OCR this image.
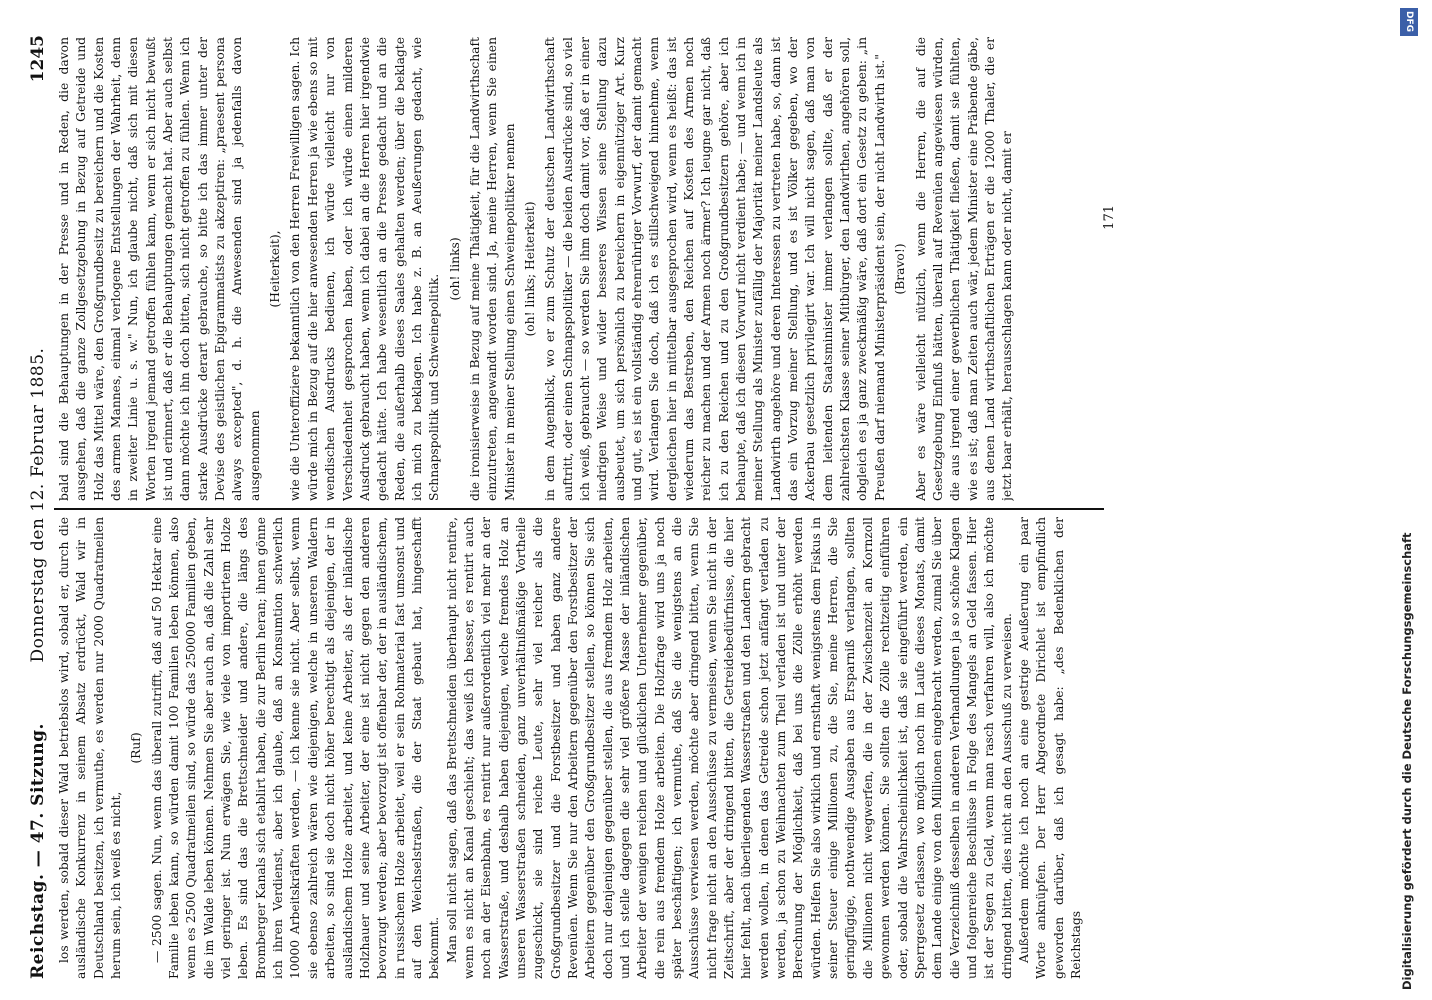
Reichstag. — 47. Sitzung.
Donnerstag den 12. Februar 1885.
1245

los werden, sobald dieser Wald betriebslos wird, sobald er, durch die ausländische Konkurrenz in seinem Absatz erdrückt, Wald wir in Deutschland besitzen, ich vermuthe, es werden nur 2000 Quadratmeilen herum sein, ich weiß es nicht,

(Ruf) — 2500 sagen. Nun, wenn das überall zutrifft, daß auf 50 Hektar eine Familie leben kann, so würden damit 100 Familien leben können, also wenn es 2500 Quadratmeilen sind, so würde das 250000 Familien geben, die im Walde leben können. Nehmen Sie aber auch an, daß die Zahl sehr viel geringer ist. Nun erwägen Sie, wie viele von importirtem Holze leben. Es sind das die Brettschneider und andere, die längs des Bromberger Kanals sich etablirt haben, die zur Berlin heran; ihnen gönne ich ihren Verdienst, aber ich glaube, daß an Konsumtion schwerlich 10000 Arbeitskräften werden, — ich kenne sie nicht. Aber selbst, wenn sie ebenso zahlreich wären wie diejenigen, welche in unseren Waldern arbeiten, so sind sie doch nicht höher berechtigt als diejenigen, der in ausländischem Holze arbeitet, und keine Arbeiter, als der inländische Holzhauer und seine Arbeiter, der eine ist nicht gegen den anderen bevorzugt werden; aber bevorzugt ist offenbar der, der in ausländischem, in russischem Holze arbeitet, weil er sein Rohmaterial fast umsonst und auf den Weichselstraßen, die der Staat gebaut hat, hingeschafft bekommt. Man soll nicht sagen, daß das Brettschneiden überhaupt nicht rentire, wenn es nicht an Kanal geschieht; das weiß ich besser, es rentirt auch noch an der Eisenbahn, es rentirt nur außerordentlich viel mehr an der Wasserstraße, und deshalb haben diejenigen, welche fremdes Holz an unseren Wasserstraßen schneiden, ganz unverhältnißmäßige Vortheile zugeschickt, sie sind reiche Leute, sehr viel reicher als die Großgrundbesitzer und die Forstbesitzer und haben ganz andere Revenüen. Wenn Sie nur den Arbeitern gegenüber den Forstbesitzer der Arbeitern gegenüber den Großgrundbesitzer stellen, so können Sie sich doch nur denjenigen gegenüber stellen, die aus fremdem Holz arbeiten, und ich stelle dagegen die sehr viel größere Masse der inländischen Arbeiter der wenigen reichen und glücklichen Unternehmer gegenüber, die rein aus fremdem Holze arbeiten. Die Holzfrage wird uns ja noch später beschäftigen; ich vermuthe, daß Sie die wenigstens an die Ausschüsse verwiesen werden, möchte aber dringend bitten, wenn Sie nicht frage nicht an den Ausschüsse zu vermeisen, wenn Sie nicht in der Zeitschrift, aber der dringend bitten, die Getreidebedürfnisse, die hier hier fehlt, nach überliegenden Wasserstraßen und den Landern gebracht werden wollen, in denen das Getreide schon jetzt anfängt verladen zu werden, ja schon zu Weihnachten zum Theil verladen ist und unter der Berechnung der Möglichkeit, daß bei uns die Zölle erhöht werden würden. Helfen Sie also wirklich und ernsthaft wenigstens dem Fiskus in seiner Steuer einige Millionen zu, die Sie, meine Herren, die Sie geringfügige, nothwendige Ausgaben aus Ersparniß verlangen, sollten die Millionen nicht wegwerfen, die in der Zwischenzeit an Kornzoll gewonnen werden können. Sie sollten die Zölle rechtzeitig einführen oder, sobald die Wahrscheinlichkeit ist, daß sie eingeführt werden, ein Sperrgesetz erlassen, wo möglich noch im Laufe dieses Monats, damit dem Lande einige von den Millionen eingebracht werden, zumal Sie über die Verzeichniß desselben in anderen Verhandlungen ja so schöne Klagen und folgenreiche Beschlüsse in Folge des Mangels an Geld fassen. Hier ist der Segen zu Geld, wenn man rasch verfahren will, also ich möchte dringend bitten, dies nicht an den Ausschuß zu verweisen. Außerdem möchte ich noch an eine gestrige Aeußerung ein paar Worte anknüpfen. Der Herr Abgeordnete Dirichlet ist empfindlich geworden darüber, daß ich gesagt habe: „des Bedenklichen der Reichstags

bald sind die Behauptungen in der Presse und in Reden, die davon ausgehen, daß die ganze Zollgesetzgebung in Bezug auf Getreide und Holz das Mittel wäre, den Großgrundbesitz zu bereichern und die Kosten des armen Mannes, einmal verlogene Entstellungen der Wahrheit, denn in zweiter Linie u. s. w." Nun, ich glaube nicht, daß sich mit diesen Worten irgend jemand getroffen fühlen kann, wenn er sich nicht bewußt ist und erinnert, daß er die Behauptungen gemacht hat. Aber auch selbst dann möchte ich ihn doch bitten, sich nicht getroffen zu fühlen. Wenn ich starke Ausdrücke derart gebrauche, so bitte ich das immer unter der Devise des geistlichen Epigrammatists zu akzeptiren: „praesent persona always excepted", d. h. die Anwesenden sind ja jedenfalls davon ausgenommen

(Heiterkeit), wie die Unteroffiziere bekanntlich von den Herren Freiwilligen sagen. Ich würde mich in Bezug auf die hier anwesenden Herren ja wie ebens so mit wendischen Ausdrucks bedienen, ich würde vielleicht nur von Verschiedenheit gesprochen haben, oder ich würde einen milderen Ausdruck gebraucht haben, wenn ich dabei an die Herren hier irgendwie gedacht hätte. Ich habe wesentlich an die Presse gedacht und an die Reden, die außerhalb dieses Saales gehalten werden; über die beklagte ich mich zu beklagen. Ich habe z. B. an Aeußerungen gedacht, wie Schnapspolitik und Schweinepolitik.

(oh! links) die ironisierweise in Bezug auf meine Thätigkeit, für die Landwirthschaft einzutreten, angewandt worden sind. Ja, meine Herren, wenn Sie einen Minister in meiner Stellung einen Schweinepolitiker nennen (oh! links; Heiterkeit) in dem Augenblick, wo er zum Schutz der deutschen Landwirthschaft auftritt, oder einen Schnapspolitiker — die beiden Ausdrücke sind, so viel ich weiß, gebraucht — so werden Sie ihm doch damit vor, daß er in einer niedrigen Weise und wider besseres Wissen seine Stellung dazu ausbeutet, um sich persönlich zu bereichern in eigennütziger Art. Kurz und gut, es ist ein vollständig ehrenrühriger Vorwurf, der damit gemacht wird. Verlangen Sie doch, daß ich es stillschweigend hinnehme, wenn dergleichen hier in mittelbar ausgesprochen wird, wenn es heißt: das ist wiederum das Bestreben, den Reichen auf Kosten des Armen noch reicher zu machen und der Armen noch ärmer? Ich leugne gar nicht, daß ich zu den Reichen und zu den Großgrundbesitzern gehöre, aber ich behaupte, daß ich diesen Vorwurf nicht verdient habe; — und wenn ich in meiner Stellung als Minister zufällig der Majorität meiner Landsleute als Landwirth angehöre und deren Interessen zu vertreten habe, so, dann ist das ein Vorzug meiner Stellung, und es ist Völker gegeben, wo der Ackerbau gesetzlich privilegirt war. Ich will nicht sagen, daß man von dem leitenden Staatsminister immer verlangen sollte, daß er der zahlreichsten Klasse seiner Mitbürger, den Landwirthen, angehören soll, obgleich es ja ganz zweckmäßig wäre, daß dort ein Gesetz zu geben: „in Preußen darf niemand Ministerpräsident sein, der nicht Landwirth ist." (Bravo!) Aber es wäre vielleicht nützlich, wenn die Herren, die auf die Gesetzgebung Einfluß hätten, überall auf Revenüen angewiesen würden, die aus irgend einer gewerblichen Thätigkeit fließen, damit sie fühlten, wie es ist; daß man Zeiten auch wär, jedem Minister eine Präbende gäbe, aus denen Land wirthschaftlichen Erträgen er die 12000 Thaler, die er jetzt baar erhält, herausschlagen kann oder nicht, damit er	171
DFG
Digitalisierung gefördert durch die Deutsche Forschungsgemeinschaft
